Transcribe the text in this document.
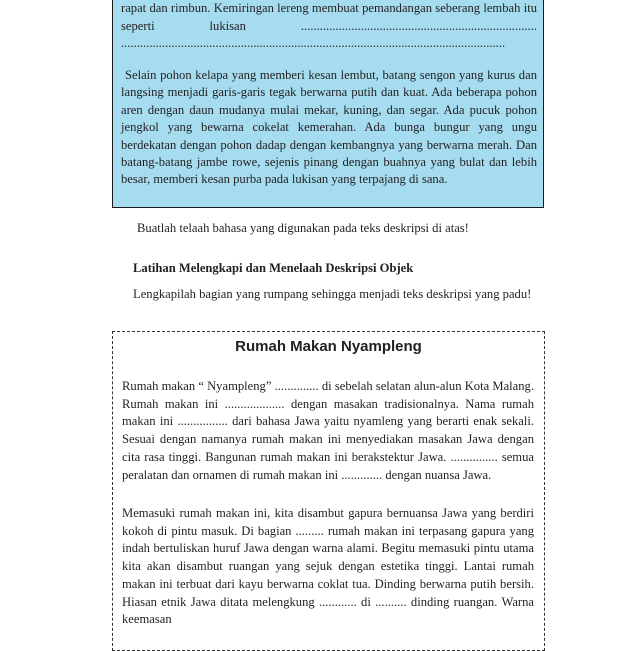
rapat dan rimbun. Kemiringan lereng membuat pemandangan seberang lembah itu seperti lukisan ........................................................................... ..........................................................................................................................

Selain pohon kelapa yang memberi kesan lembut, batang sengon yang kurus dan langsing menjadi garis-garis tegak berwarna putih dan kuat. Ada beberapa pohon aren dengan daun mudanya mulai mekar, kuning, dan segar. Ada pucuk pohon jengkol yang bewarna cokelat kemerahan. Ada bunga bungur yang ungu berdekatan dengan pohon dadap dengan kembangnya yang berwarna merah. Dan batang-batang jambe rowe, sejenis pinang dengan buahnya yang bulat dan lebih besar, memberi kesan purba pada lukisan yang terpajang di sana.

Buatlah telaah bahasa yang digunakan pada teks deskripsi di atas!

Latihan Melengkapi dan Menelaah Deskripsi Objek

Lengkapilah bagian yang rumpang sehingga menjadi teks deskripsi yang padu!

Rumah Makan Nyampleng

Rumah makan “ Nyampleng” .............. di sebelah selatan alun-alun Kota Malang. Rumah makan ini ................... dengan masakan tradisionalnya. Nama rumah makan ini ................ dari bahasa Jawa yaitu nyamleng yang berarti enak sekali. Sesuai dengan namanya rumah makan ini menyediakan masakan Jawa dengan cita rasa tinggi. Bangunan rumah makan ini berakstektur Jawa. ............... semua peralatan dan ornamen di rumah makan ini ............. dengan nuansa Jawa.

Memasuki rumah makan ini, kita disambut gapura bernuansa Jawa yang berdiri kokoh di pintu masuk. Di bagian ......... rumah makan ini terpasang gapura yang indah bertuliskan huruf Jawa dengan warna alami. Begitu memasuki pintu utama kita akan disambut ruangan yang sejuk dengan estetika tinggi. Lantai rumah makan ini terbuat dari kayu berwarna coklat tua. Dinding berwarna putih bersih. Hiasan etnik Jawa ditata melengkung ............ di .......... dinding ruangan. Warna keemasan
